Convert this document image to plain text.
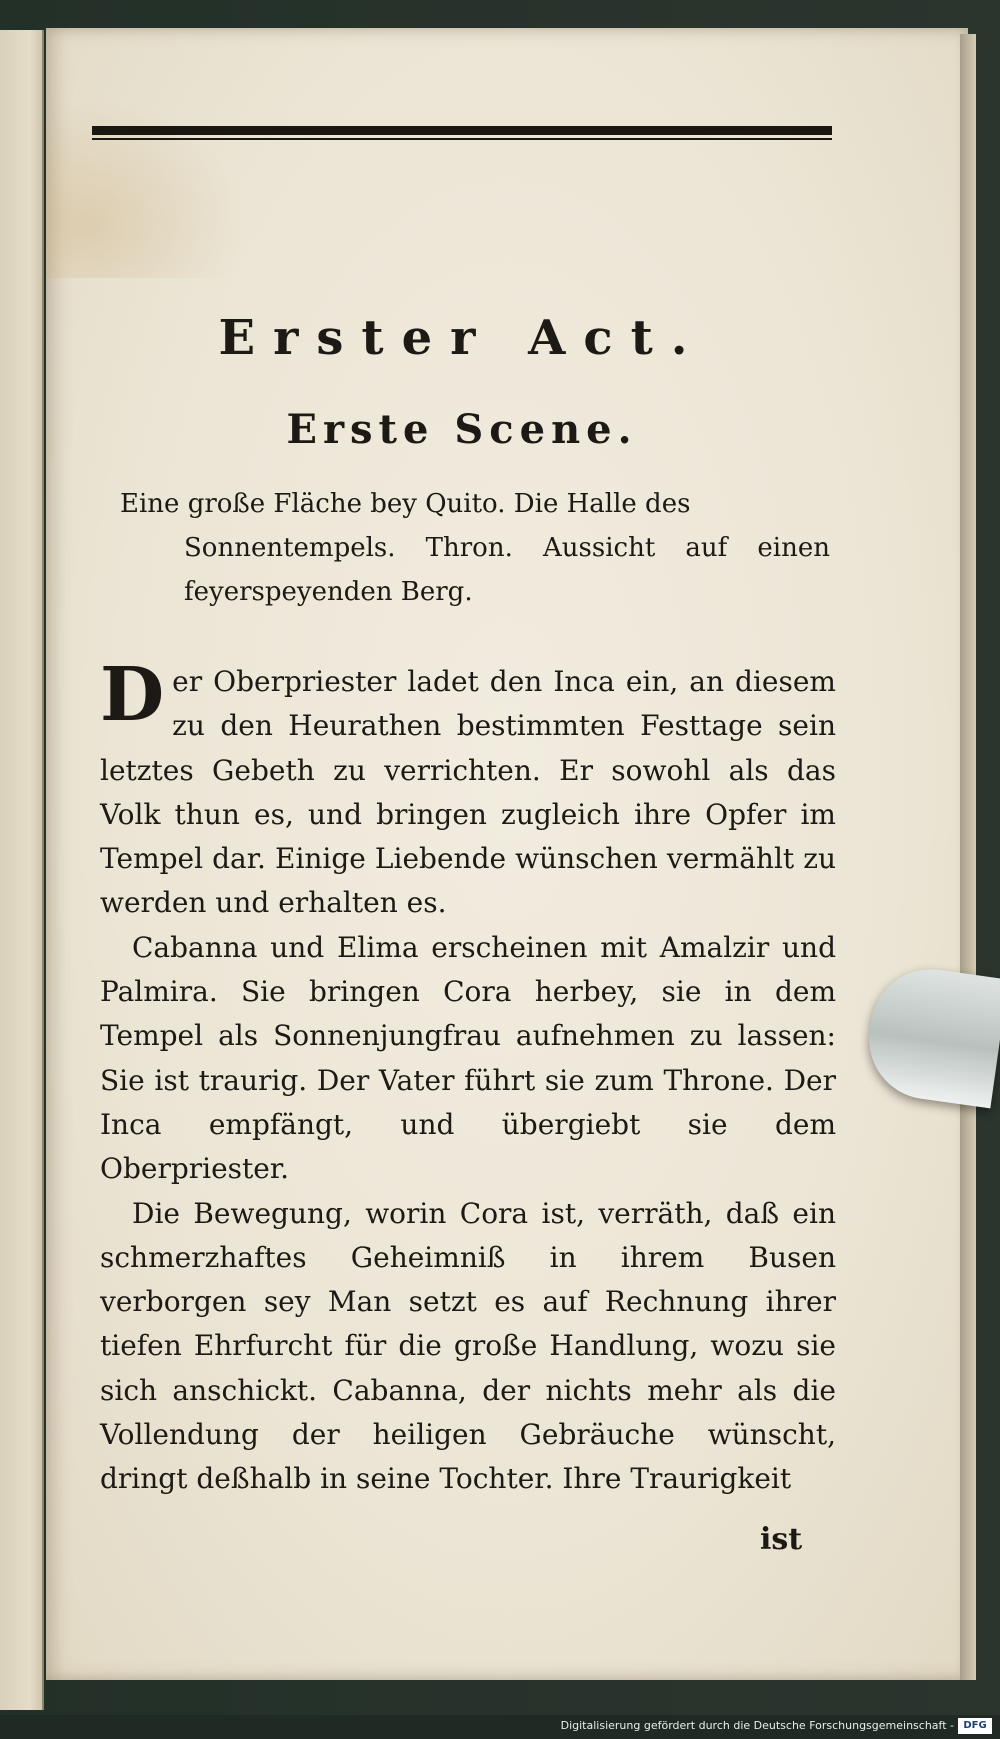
Erster Act.
Erste Scene.
Eine große Fläche bey Quito. Die Halle des
Sonnentempels. Thron. Aussicht auf einen feyerspeyenden Berg.

Der Oberpriester ladet den Inca ein, an diesem zu den Heurathen bestimmten Festtage sein letztes Gebeth zu verrichten. Er sowohl als das Volk thun es, und bringen zugleich ihre Opfer im Tempel dar. Einige Liebende wünschen vermählt zu werden und erhalten es.

Cabanna und Elima erscheinen mit Amalzir und Palmira. Sie bringen Cora herbey, sie in dem Tempel als Sonnenjungfrau aufnehmen zu lassen: Sie ist traurig. Der Vater führt sie zum Throne. Der Inca empfängt, und übergiebt sie dem Oberpriester.

Die Bewegung, worin Cora ist, verräth, daß ein schmerzhaftes Geheimniß in ihrem Busen verborgen sey Man setzt es auf Rechnung ihrer tiefen Ehrfurcht für die große Handlung, wozu sie sich anschickt. Cabanna, der nichts mehr als die Vollendung der heiligen Gebräuche wünscht, dringt deßhalb in seine Tochter. Ihre Traurigkeit

ist
Digitalisierung gefördert durch die Deutsche Forschungsgemeinschaft - DFG
